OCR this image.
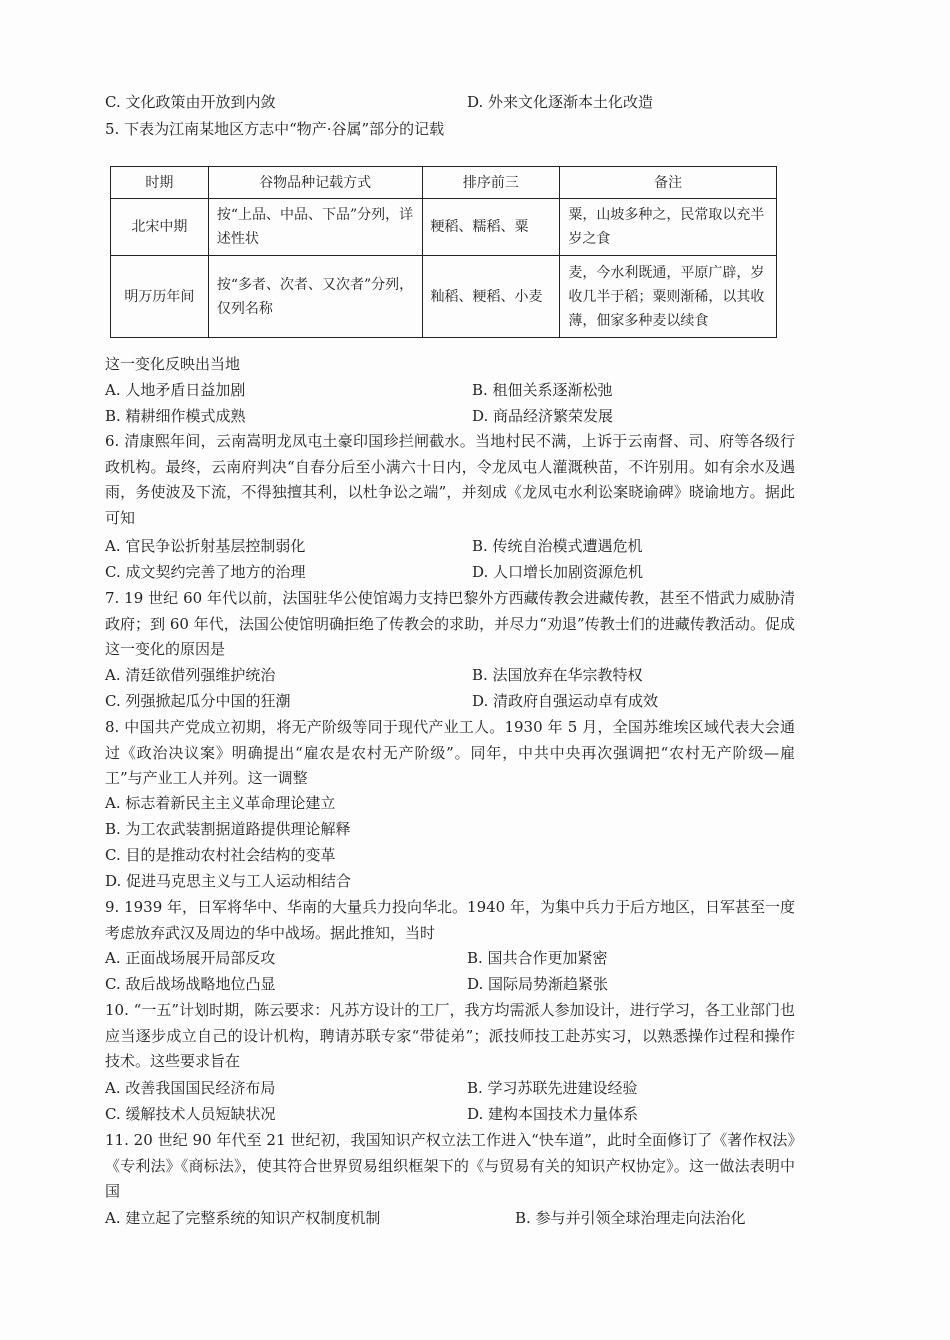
C. 文化政策由开放到内敛	D. 外来文化逐渐本土化改造
5. 下表为江南某地区方志中“物产·谷属”部分的记载
时期	谷物品种记载方式	排序前三	备注
北宋中期	按“上品、中品、下品”分列，详述性状	粳稻、糯稻、粟	粟，山坡多种之，民常取以充半岁之食
明万历年间	按“多者、次者、又次者”分列，仅列名称	籼稻、粳稻、小麦	麦，今水利既通，平原广辟，岁收几半于稻；粟则渐稀，以其收薄，佃家多种麦以续食
这一变化反映出当地
A. 人地矛盾日益加剧	B. 租佃关系逐渐松弛
B. 精耕细作模式成熟	D. 商品经济繁荣发展
6. 清康熙年间，云南嵩明龙凤屯土豪印国珍拦闸截水。当地村民不满，上诉于云南督、司、府等各级行政机构。最终，云南府判决“自春分后至小满六十日内，令龙凤屯人灌溉秧苗，不许别用。如有余水及遇雨，务使波及下流，不得独擅其利，以杜争讼之端”，并刻成《龙凤屯水利讼案晓谕碑》晓谕地方。据此可知
A. 官民争讼折射基层控制弱化	B. 传统自治模式遭遇危机
C. 成文契约完善了地方的治理	D. 人口增长加剧资源危机
7. 19 世纪 60 年代以前，法国驻华公使馆竭力支持巴黎外方西藏传教会进藏传教，甚至不惜武力威胁清政府；到 60 年代，法国公使馆明确拒绝了传教会的求助，并尽力“劝退”传教士们的进藏传教活动。促成这一变化的原因是
A. 清廷欲借列强维护统治	B. 法国放弃在华宗教特权
C. 列强掀起瓜分中国的狂潮	D. 清政府自强运动卓有成效
8. 中国共产党成立初期，将无产阶级等同于现代产业工人。1930 年 5 月，全国苏维埃区域代表大会通过《政治决议案》明确提出“雇农是农村无产阶级”。同年，中共中央再次强调把“农村无产阶级—雇工”与产业工人并列。这一调整
A. 标志着新民主主义革命理论建立
B. 为工农武装割据道路提供理论解释
C. 目的是推动农村社会结构的变革
D. 促进马克思主义与工人运动相结合
9. 1939 年，日军将华中、华南的大量兵力投向华北。1940 年，为集中兵力于后方地区，日军甚至一度考虑放弃武汉及周边的华中战场。据此推知，当时
A. 正面战场展开局部反攻	B. 国共合作更加紧密
C. 敌后战场战略地位凸显	D. 国际局势渐趋紧张
10. “一五”计划时期，陈云要求：凡苏方设计的工厂，我方均需派人参加设计，进行学习，各工业部门也应当逐步成立自己的设计机构，聘请苏联专家“带徒弟”；派技师技工赴苏实习，以熟悉操作过程和操作技术。这些要求旨在
A. 改善我国国民经济布局	B. 学习苏联先进建设经验
C. 缓解技术人员短缺状况	D. 建构本国技术力量体系
11. 20 世纪 90 年代至 21 世纪初，我国知识产权立法工作进入“快车道”，此时全面修订了《著作权法》《专利法》《商标法》，使其符合世界贸易组织框架下的《与贸易有关的知识产权协定》。这一做法表明中国
A. 建立起了完整系统的知识产权制度机制	B. 参与并引领全球治理走向法治化
